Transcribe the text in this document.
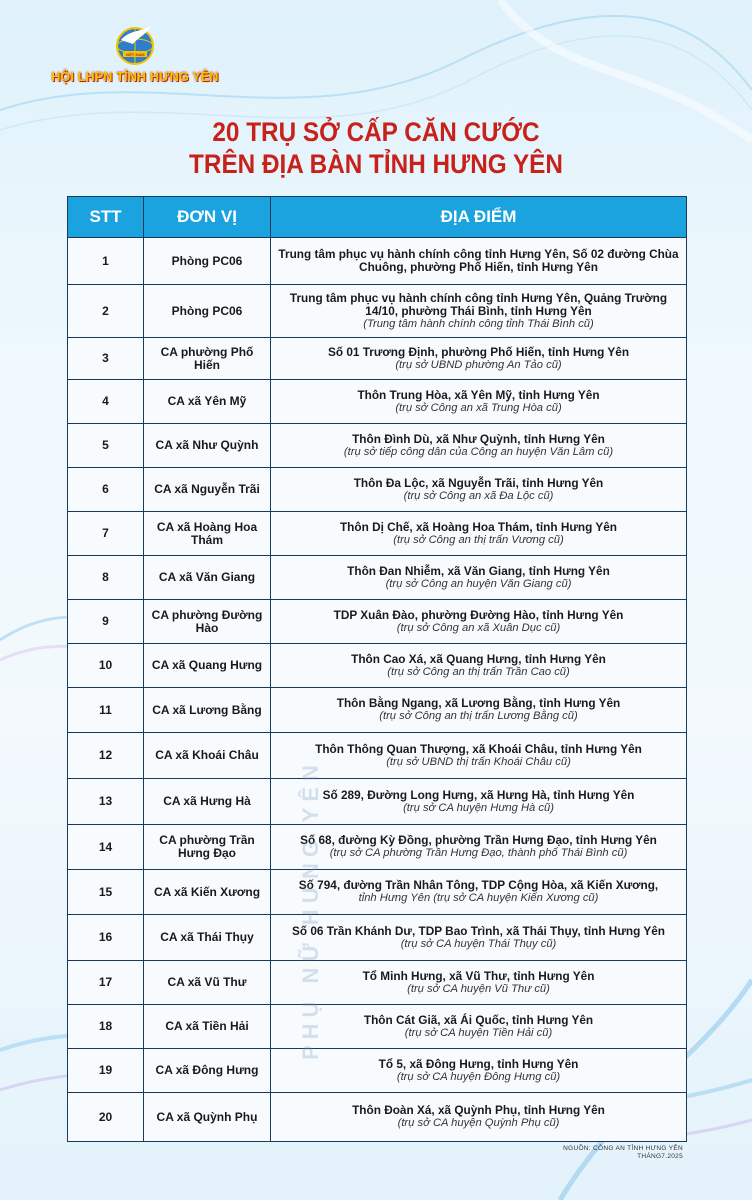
VIỆT NAM
HỘI LHPN TỈNH HƯNG YÊN
20 TRỤ SỞ CẤP CĂN CƯỚC
TRÊN ĐỊA BÀN TỈNH HƯNG YÊN
STT	ĐƠN VỊ	ĐỊA ĐIỂM
1	Phòng PC06	Trung tâm phục vụ hành chính công tỉnh Hưng Yên, Số 02 đường Chùa Chuông, phường Phố Hiến, tỉnh Hưng Yên

2	Phòng PC06	Trung tâm phục vụ hành chính công tỉnh Hưng Yên, Quảng Trường 14/10, phường Thái Bình, tỉnh Hưng Yên
(Trung tâm hành chính công tỉnh Thái Bình cũ)

3	CA phường Phố Hiến	Số 01 Trương Định, phường Phố Hiến, tỉnh Hưng Yên
(trụ sở UBND phường An Tảo cũ)

4	CA xã Yên Mỹ	Thôn Trung Hòa, xã Yên Mỹ, tỉnh Hưng Yên
(trụ sở Công an xã Trung Hòa cũ)

5	CA xã Như Quỳnh	Thôn Đình Dù, xã Như Quỳnh, tỉnh Hưng Yên
(trụ sở tiếp công dân của Công an huyện Văn Lâm cũ)

6	CA xã Nguyễn Trãi	Thôn Đa Lộc, xã Nguyễn Trãi, tỉnh Hưng Yên
(trụ sở Công an xã Đa Lộc cũ)

7	CA xã Hoàng Hoa Thám	Thôn Dị Chế, xã Hoàng Hoa Thám, tỉnh Hưng Yên
(trụ sở Công an thị trấn Vương cũ)

8	CA xã Văn Giang	Thôn Đan Nhiễm, xã Văn Giang, tỉnh Hưng Yên
(trụ sở Công an huyện Văn Giang cũ)

9	CA phường Đường Hào	TDP Xuân Đào, phường Đường Hào, tỉnh Hưng Yên
(trụ sở Công an xã Xuân Dục cũ)

10	CA xã Quang Hưng	Thôn Cao Xá, xã Quang Hưng, tỉnh Hưng Yên
(trụ sở Công an thị trấn Trần Cao cũ)

11	CA xã Lương Bằng	Thôn Bằng Ngang, xã Lương Bằng, tỉnh Hưng Yên
(trụ sở Công an thị trấn Lương Bằng cũ)

12	CA xã Khoái Châu	Thôn Thông Quan Thượng, xã Khoái Châu, tỉnh Hưng Yên
(trụ sở UBND thị trấn Khoái Châu cũ)

13	CA xã Hưng Hà	Số 289, Đường Long Hưng, xã Hưng Hà, tỉnh Hưng Yên
(trụ sở CA huyện Hưng Hà cũ)

14	CA phường Trần Hưng Đạo	Số 68, đường Kỳ Đồng, phường Trần Hưng Đạo, tỉnh Hưng Yên
(trụ sở CA phường Trần Hưng Đạo, thành phố Thái Bình cũ)

15	CA xã Kiến Xương	Số 794, đường Trần Nhân Tông, TDP Cộng Hòa, xã Kiến Xương,
tỉnh Hưng Yên (trụ sở CA huyện Kiến Xương cũ)

16	CA xã Thái Thụy	Số 06 Trần Khánh Dư, TDP Bao Trình, xã Thái Thụy, tỉnh Hưng Yên
(trụ sở CA huyện Thái Thụy cũ)

17	CA xã Vũ Thư	Tổ Minh Hưng, xã Vũ Thư, tỉnh Hưng Yên
(trụ sở CA huyện Vũ Thư cũ)

18	CA xã Tiền Hải	Thôn Cát Giã, xã Ái Quốc, tỉnh Hưng Yên
(trụ sở CA huyện Tiền Hải cũ)

19	CA xã Đông Hưng	Tổ 5, xã Đông Hưng, tỉnh Hưng Yên
(trụ sở CA huyện Đông Hưng cũ)

20	CA xã Quỳnh Phụ	Thôn Đoàn Xá, xã Quỳnh Phụ, tỉnh Hưng Yên
(trụ sở CA huyện Quỳnh Phụ cũ)
PHỤ NỮ HƯNG YÊN
NGUỒN: CÔNG AN TỈNH HƯNG YÊN
THÁNG7.2025
